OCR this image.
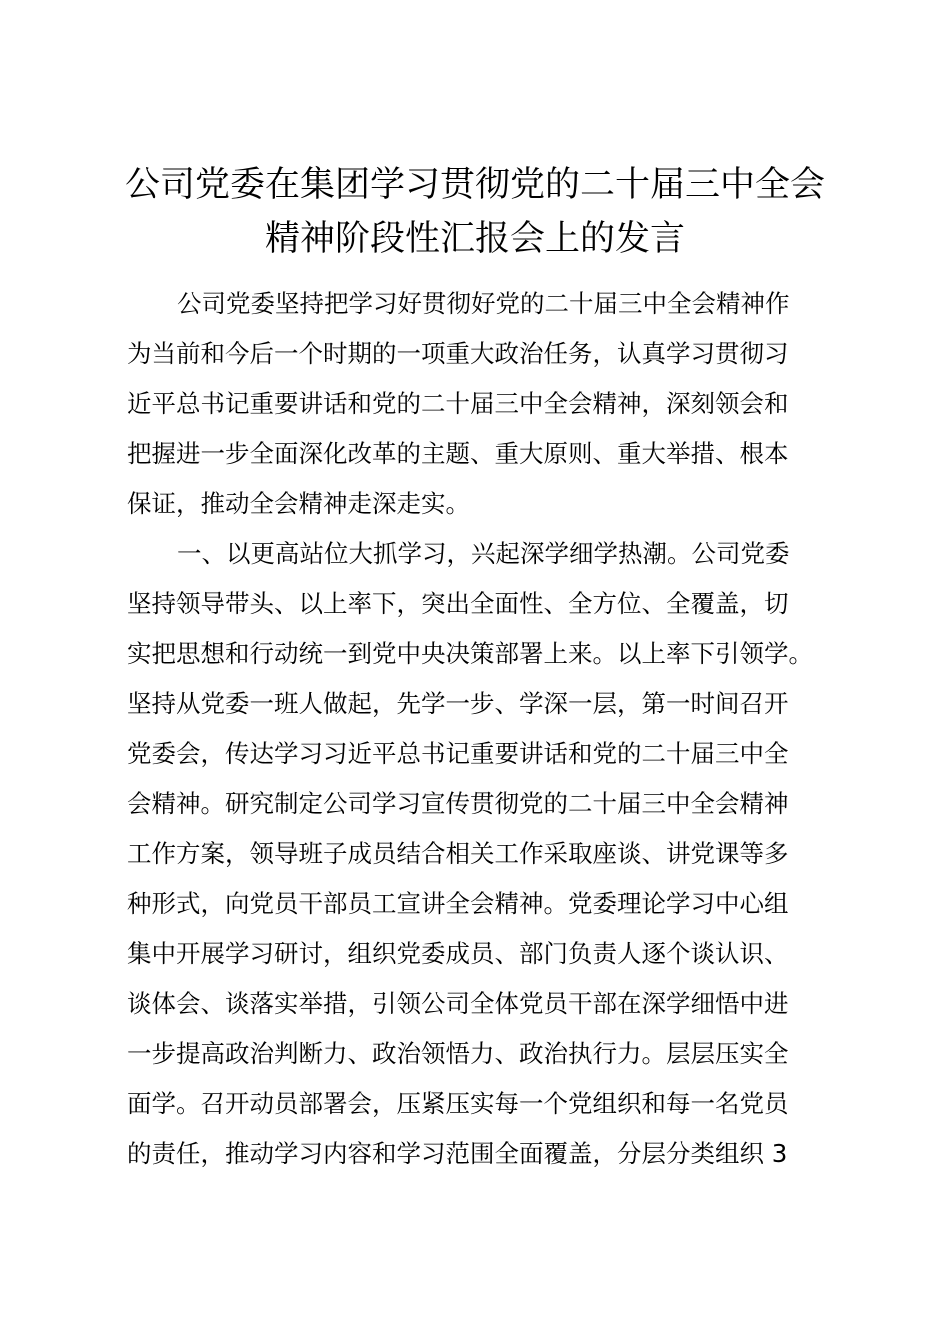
公司党委在集团学习贯彻党的二十届三中全会
精神阶段性汇报会上的发言

公司党委坚持把学习好贯彻好党的二十届三中全会精神作

为当前和今后一个时期的一项重大政治任务，认真学习贯彻习

近平总书记重要讲话和党的二十届三中全会精神，深刻领会和

把握进一步全面深化改革的主题、重大原则、重大举措、根本

保证，推动全会精神走深走实。

一、以更高站位大抓学习，兴起深学细学热潮。公司党委

坚持领导带头、以上率下，突出全面性、全方位、全覆盖，切

实把思想和行动统一到党中央决策部署上来。以上率下引领学。

坚持从党委一班人做起，先学一步、学深一层，第一时间召开

党委会，传达学习习近平总书记重要讲话和党的二十届三中全

会精神。研究制定公司学习宣传贯彻党的二十届三中全会精神

工作方案，领导班子成员结合相关工作采取座谈、讲党课等多

种形式，向党员干部员工宣讲全会精神。党委理论学习中心组

集中开展学习研讨，组织党委成员、部门负责人逐个谈认识、

谈体会、谈落实举措，引领公司全体党员干部在深学细悟中进

一步提高政治判断力、政治领悟力、政治执行力。层层压实全

面学。召开动员部署会，压紧压实每一个党组织和每一名党员

的责任，推动学习内容和学习范围全面覆盖，分层分类组织 3
